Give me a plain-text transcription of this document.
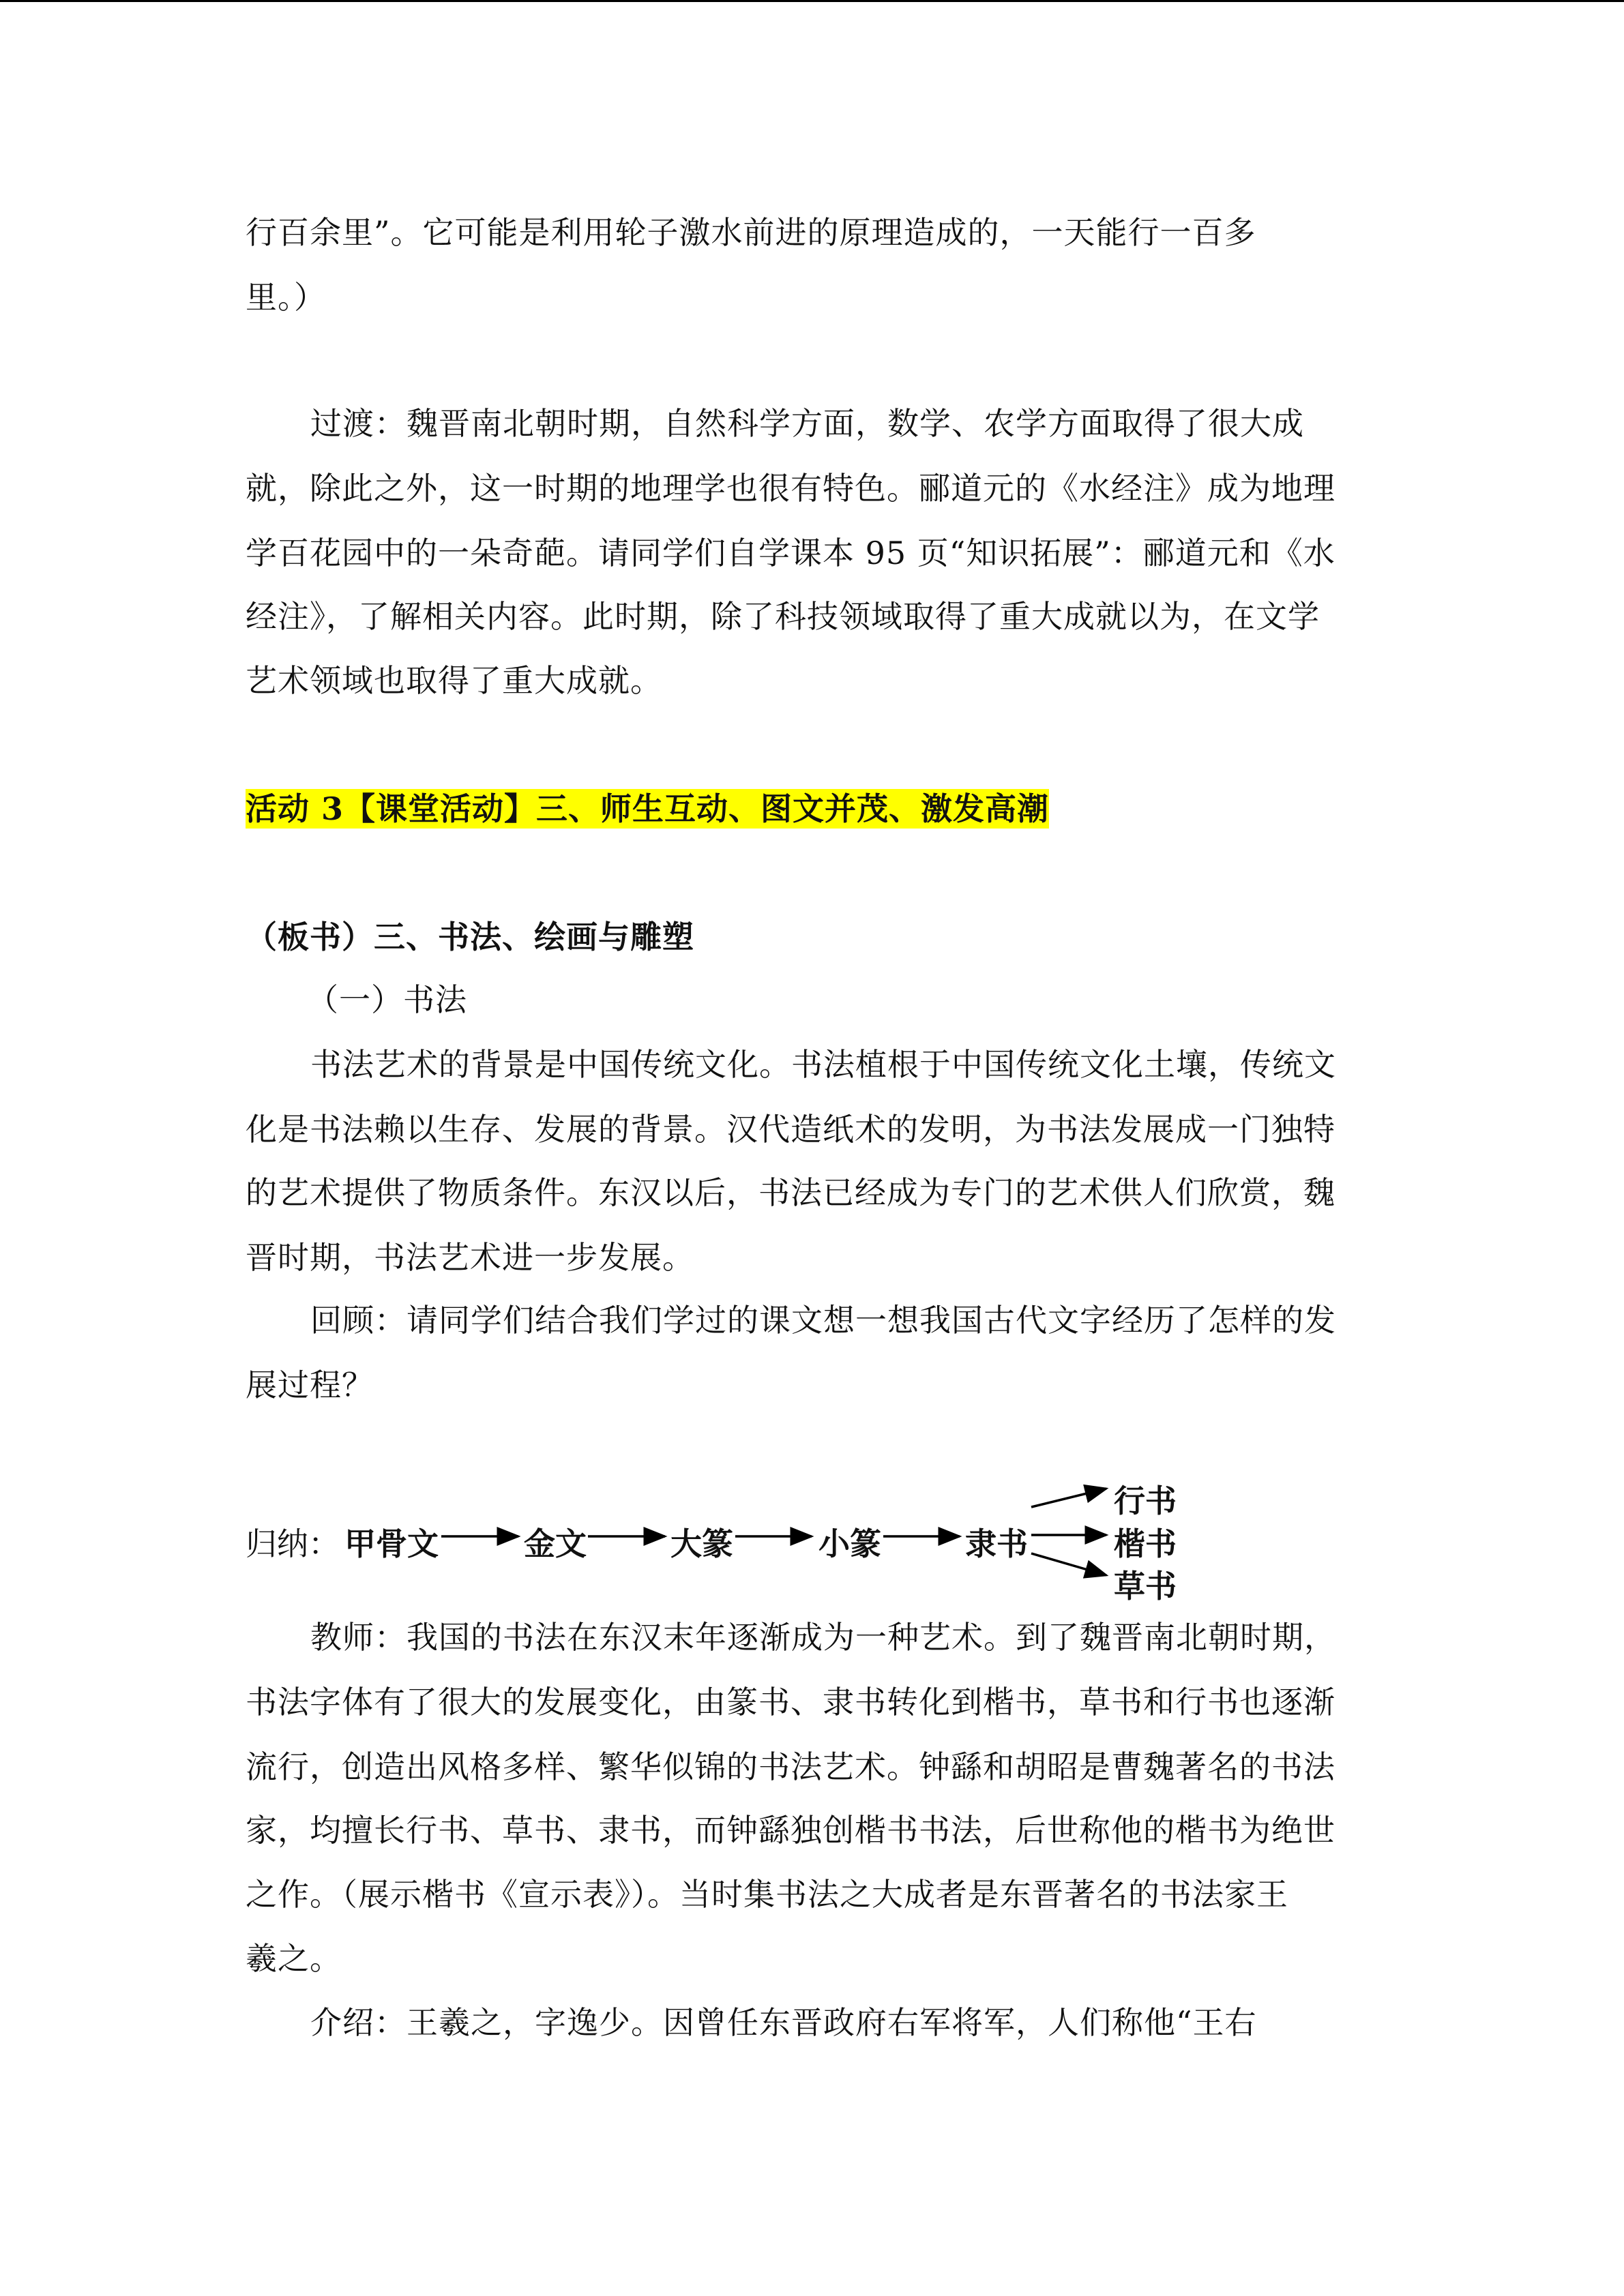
行百余里”。它可能是利用轮子激水前进的原理造成的，一天能行一百多
里。）
过渡：魏晋南北朝时期，自然科学方面，数学、农学方面取得了很大成
就，除此之外，这一时期的地理学也很有特色。郦道元的《水经注》成为地理
学百花园中的一朵奇葩。请同学们自学课本 95 页“知识拓展”：郦道元和《水
经注》，了解相关内容。此时期，除了科技领域取得了重大成就以为，在文学
艺术领域也取得了重大成就。
活动 3【课堂活动】三、师生互动、图文并茂、激发高潮
（板书）三、书法、绘画与雕塑
（一）书法
书法艺术的背景是中国传统文化。书法植根于中国传统文化土壤，传统文
化是书法赖以生存、发展的背景。汉代造纸术的发明，为书法发展成一门独特
的艺术提供了物质条件。东汉以后，书法已经成为专门的艺术供人们欣赏，魏
晋时期，书法艺术进一步发展。
回顾：请同学们结合我们学过的课文想一想我国古代文字经历了怎样的发
展过程？
归纳： 甲骨文	金文	大篆	小篆	隶书
行书
楷书
草书
教师：我国的书法在东汉末年逐渐成为一种艺术。到了魏晋南北朝时期，
书法字体有了很大的发展变化，由篆书、隶书转化到楷书，草书和行书也逐渐
流行，创造出风格多样、繁华似锦的书法艺术。钟繇和胡昭是曹魏著名的书法
家，均擅长行书、草书、隶书，而钟繇独创楷书书法，后世称他的楷书为绝世
之作。（展示楷书《宣示表》）。当时集书法之大成者是东晋著名的书法家王
羲之。
介绍：王羲之，字逸少。因曾任东晋政府右军将军，人们称他“王右
